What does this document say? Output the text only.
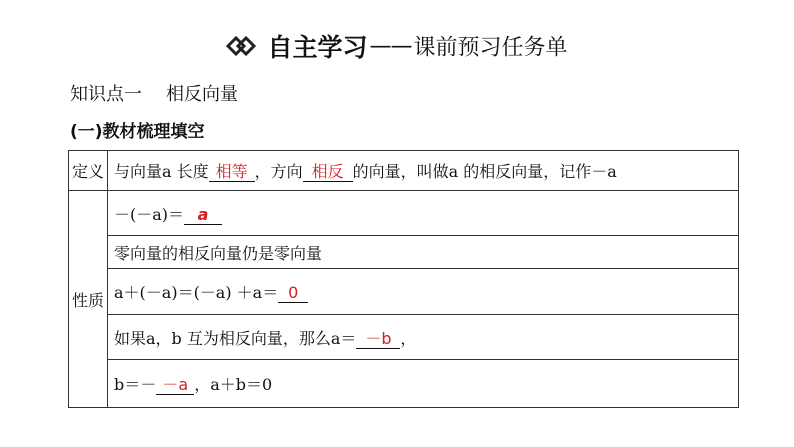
自主学习——课前预习任务单
知识点一 相反向量
(一)教材梳理填空
定义	与向量a 长度 相等 ，方向 相反 的向量，叫做a 的相反向量，记作－a
性质	－(－a)＝ a
	零向量的相反向量仍是零向量
	a＋(－a)＝(－a) ＋a＝ 0
	如果a，b 互为相反向量，那么a＝ －b ，
	b＝－ －a ，a＋b＝0
